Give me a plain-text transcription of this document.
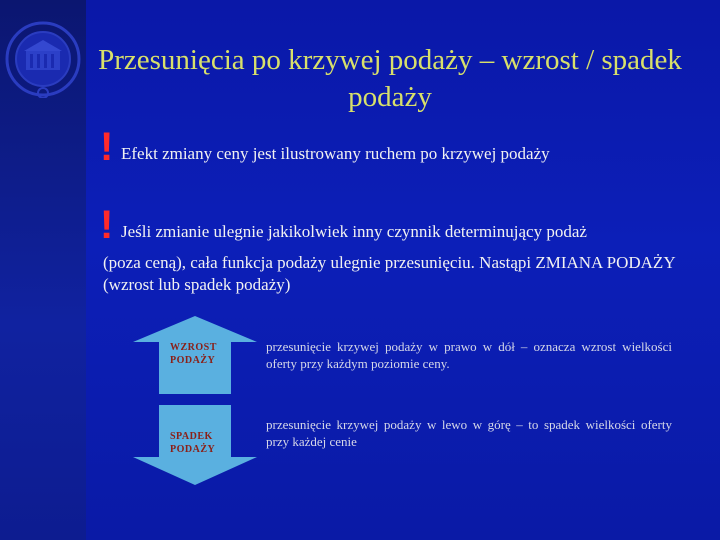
Przesunięcia po krzywej podaży – wzrost / spadek podaży
! Efekt zmiany ceny jest ilustrowany ruchem po krzywej podaży
! Jeśli zmianie ulegnie jakikolwiek inny czynnik determinujący podaż
(poza ceną), cała funkcja podaży ulegnie przesunięciu. Nastąpi ZMIANA PODAŻY (wzrost lub spadek podaży)
WZROST
PODAŻY
SPADEK
PODAŻY
przesunięcie krzywej podaży w prawo w dół – oznacza wzrost wielkości oferty przy każdym poziomie ceny.
przesunięcie krzywej podaży w lewo w górę – to spadek wielkości oferty przy każdej cenie
